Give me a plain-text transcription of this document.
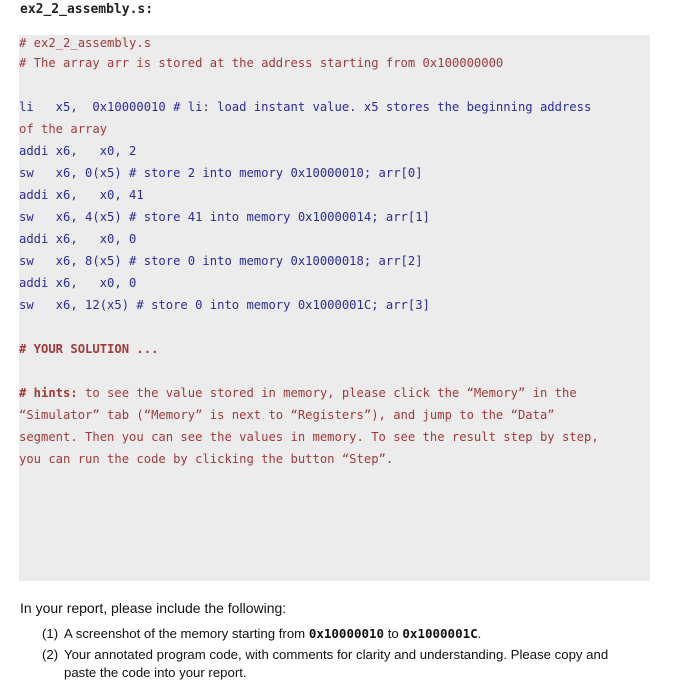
ex2_2_assembly.s:
# ex2_2_assembly.s
# The array arr is stored at the address starting from 0x100000000
li   x5,  0x10000010 # li: load instant value. x5 stores the beginning address
of the array
addi x6,   x0, 2
sw   x6, 0(x5) # store 2 into memory 0x10000010; arr[0]
addi x6,   x0, 41
sw   x6, 4(x5) # store 41 into memory 0x10000014; arr[1]
addi x6,   x0, 0
sw   x6, 8(x5) # store 0 into memory 0x10000018; arr[2]
addi x6,   x0, 0
sw   x6, 12(x5) # store 0 into memory 0x1000001C; arr[3]
# YOUR SOLUTION ...
# hints: to see the value stored in memory, please click the “Memory” in the
“Simulator” tab (“Memory” is next to “Registers”), and jump to the “Data”
segment. Then you can see the values in memory. To see the result step by step,
you can run the code by clicking the button “Step”.
In your report, please include the following:
(1) A screenshot of the memory starting from 0x10000010 to 0x1000001C.
(2) Your annotated program code, with comments for clarity and understanding. Please copy and
paste the code into your report.
